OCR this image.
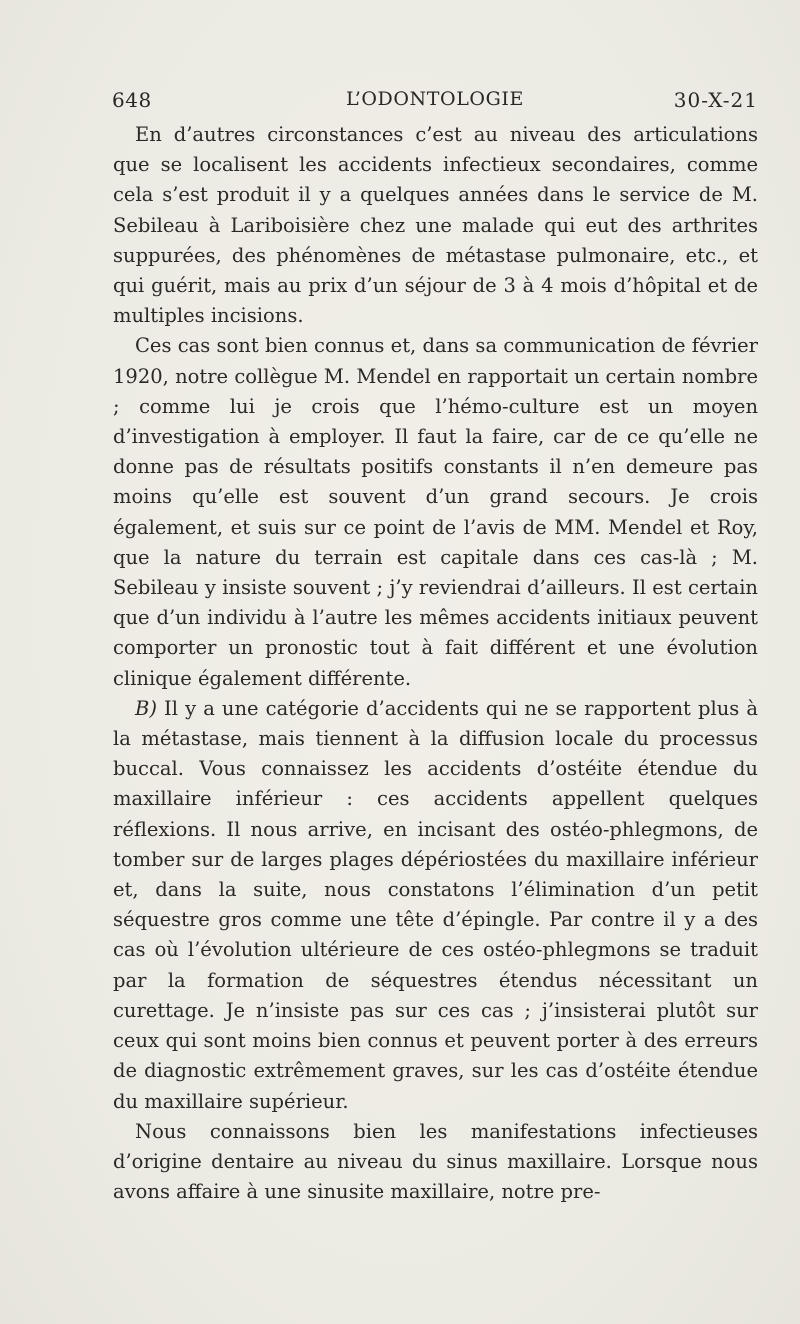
648	L’ODONTOLOGIE	30-X-21

En d’autres circonstances c’est au niveau des articulations que se localisent les accidents infectieux secondaires, comme cela s’est produit il y a quelques années dans le service de M. Sebileau à Lariboisière chez une malade qui eut des arthrites suppurées, des phénomènes de métastase pulmonaire, etc., et qui guérit, mais au prix d’un séjour de 3 à 4 mois d’hôpital et de multiples incisions.

Ces cas sont bien connus et, dans sa communication de février 1920, notre collègue M. Mendel en rapportait un certain nombre ; comme lui je crois que l’hémo-culture est un moyen d’investigation à employer. Il faut la faire, car de ce qu’elle ne donne pas de résultats positifs constants il n’en demeure pas moins qu’elle est souvent d’un grand secours. Je crois également, et suis sur ce point de l’avis de MM. Mendel et Roy, que la nature du terrain est capitale dans ces cas-là ; M. Sebileau y insiste souvent ; j’y reviendrai d’ailleurs. Il est certain que d’un individu à l’autre les mêmes accidents initiaux peuvent comporter un pronostic tout à fait différent et une évolution clinique également différente.

B) Il y a une catégorie d’accidents qui ne se rapportent plus à la métastase, mais tiennent à la diffusion locale du processus buccal. Vous connaissez les accidents d’ostéite étendue du maxillaire inférieur : ces accidents appellent quelques réflexions. Il nous arrive, en incisant des ostéo-phlegmons, de tomber sur de larges plages dépériostées du maxillaire inférieur et, dans la suite, nous constatons l’élimination d’un petit séquestre gros comme une tête d’épingle. Par contre il y a des cas où l’évolution ultérieure de ces ostéo-phlegmons se traduit par la formation de séquestres étendus nécessitant un curettage. Je n’insiste pas sur ces cas ; j’insisterai plutôt sur ceux qui sont moins bien connus et peuvent porter à des erreurs de diagnostic extrêmement graves, sur les cas d’ostéite étendue du maxillaire supérieur.

Nous connaissons bien les manifestations infectieuses d’origine dentaire au niveau du sinus maxillaire. Lorsque nous avons affaire à une sinusite maxillaire, notre pre-
